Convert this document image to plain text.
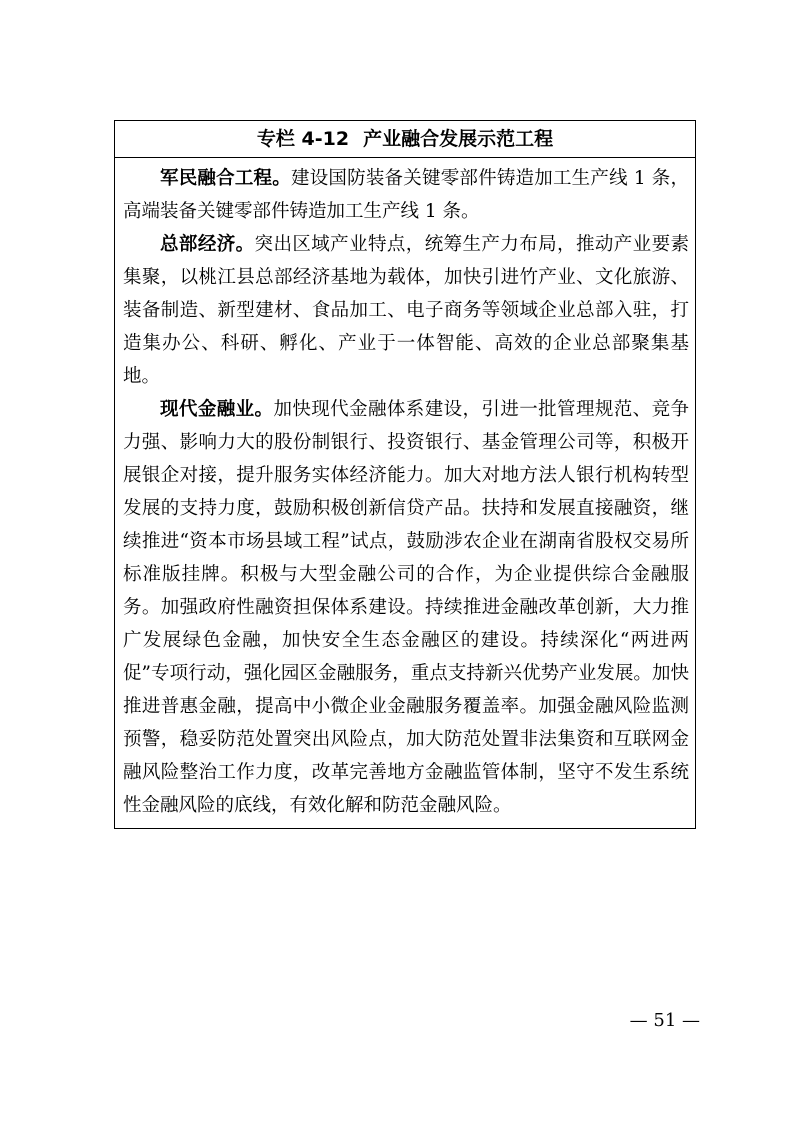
专栏 4-12 产业融合发展示范工程

军民融合工程。建设国防装备关键零部件铸造加工生产线 1 条，高端装备关键零部件铸造加工生产线 1 条。

总部经济。突出区域产业特点，统筹生产力布局，推动产业要素集聚，以桃江县总部经济基地为载体，加快引进竹产业、文化旅游、装备制造、新型建材、食品加工、电子商务等领域企业总部入驻，打造集办公、科研、孵化、产业于一体智能、高效的企业总部聚集基地。

现代金融业。加快现代金融体系建设，引进一批管理规范、竞争力强、影响力大的股份制银行、投资银行、基金管理公司等，积极开展银企对接，提升服务实体经济能力。加大对地方法人银行机构转型发展的支持力度，鼓励积极创新信贷产品。扶持和发展直接融资，继续推进“资本市场县域工程”试点，鼓励涉农企业在湖南省股权交易所标准版挂牌。积极与大型金融公司的合作，为企业提供综合金融服务。加强政府性融资担保体系建设。持续推进金融改革创新，大力推广发展绿色金融，加快安全生态金融区的建设。持续深化“两进两促”专项行动，强化园区金融服务，重点支持新兴优势产业发展。加快推进普惠金融，提高中小微企业金融服务覆盖率。加强金融风险监测预警，稳妥防范处置突出风险点，加大防范处置非法集资和互联网金融风险整治工作力度，改革完善地方金融监管体制，坚守不发生系统性金融风险的底线，有效化解和防范金融风险。

— 51 —
